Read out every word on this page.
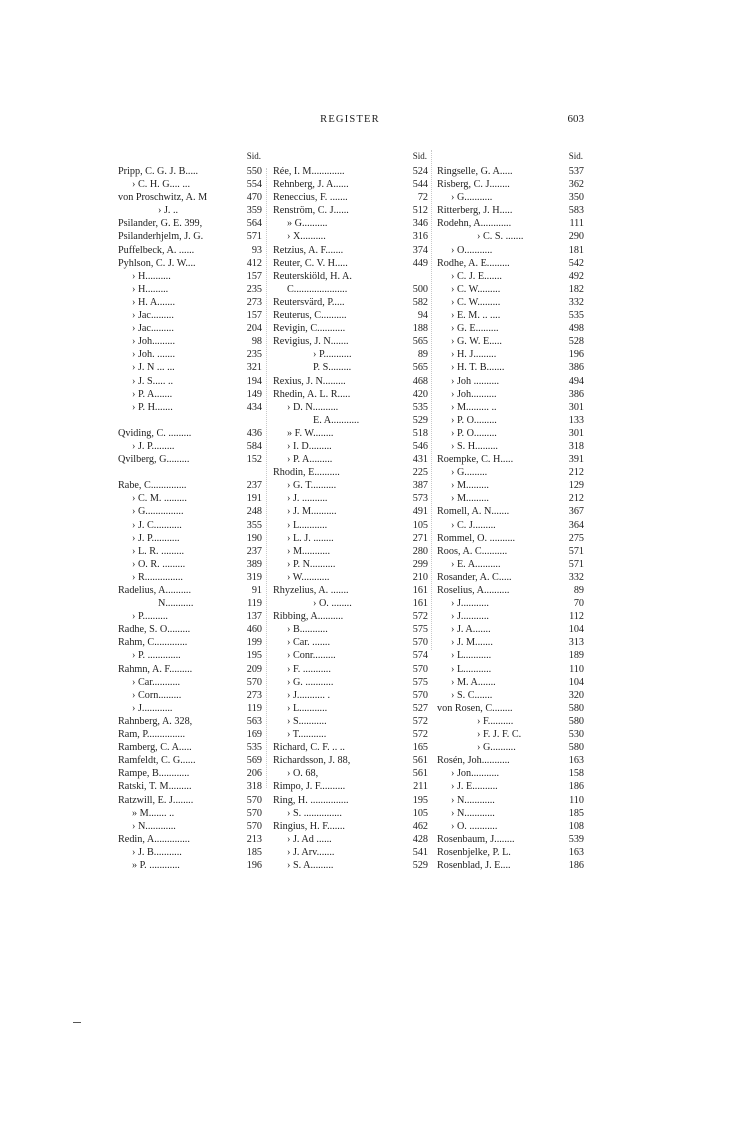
REGISTER	603
Sid.
Pripp, C. G. J. B.....	550
› C. H. G.... ...	554
von Proschwitz, A. M	470
› J. ..	359
Psilander, G. E. 399,	564
Psilanderhjelm, J. G.	571
Puffelbeck, A. ......	93
Pyhlson, C. J. W....	412
› H..........	157
› H.........	235
› H. A.......	273
› Jac.........	157
› Jac.........	204
› Joh.........	98
› Joh. .......	235
› J. N ... ...	321
› J. S..... ..	194
› P. A.......	149
› P. H.......	434
Qviding, C. .........	436
› J. P.........	584
Qvilberg, G.........	152
Rabe, C..............	237
› C. M. .........	191
› G...............	248
› J. C...........	355
› J. P...........	190
› L. R. .........	237
› O. R. .........	389
› R...............	319
Radelius, A..........	91
N...........	119
› P..........	137
Radhe, S. O.........	460
Rahm, C.............	199
› P. .............	195
Rahmn, A. F.........	209
› Car...........	570
› Corn.........	273
› J............	119
Rahnberg, A. 328,	563
Ram, P...............	169
Ramberg, C. A.....	535
Ramfeldt, C. G......	569
Rampe, B............	206
Ratski, T. M.........	318
Ratzwill, E. J........	570
» M....... ..	570
› N............	570
Redin, A..............	213
› J. B...........	185
» P. ............	196
Sid.
Rée, I. M.............	524
Rehnberg, J. A......	544
Reneccius, F. .......	72
Renström, C. J......	512
» G..........	346
› X..........	316
Retzius, A. F.......	374
Reuter, C. V. H.....	449
Reuterskiöld, H. A.
C.....................	500
Reutersvärd, P.....	582
Reuterus, C..........	94
Revigin, C...........	188
Revigius, J. N.......	565
› P...........	89
P. S.........	565
Rexius, J. N.........	468
Rhedin, A. L. R.....	420
› D. N..........	535
E. A...........	529
» F. W........	518
› I. D.........	546
› P. A.........	431
Rhodin, E..........	225
› G. T..........	387
› J. ..........	573
› J. M..........	491
› L...........	105
› L. J. ........	271
› M...........	280
› P. N..........	299
› W...........	210
Rhyzelius, A. .......	161
› O. ........	161
Ribbing, A..........	572
› B...........	575
› Car. .......	570
› Conr.........	574
› F. ...........	570
› G. ...........	575
› J........... .	570
› L...........	527
› S...........	572
› T...........	572
Richard, C. F. .. ..	165
Richardsson, J. 88,	561
› O. 68,	561
Rimpo, J. F..........	211
Ring, H. ...............	195
› S. ...............	105
Ringius, H. F.......	462
› J. Ad ......	428
› J. Arv.......	541
› S. A.........	529
Sid.
Ringselle, G. A.....	537
Risberg, C. J........	362
› G...........	350
Ritterberg, J. H.....	583
Rodehn, A............	111
› C. S. .......	290
› O...........	181
Rodhe, A. E.........	542
› C. J. E.......	492
› C. W.........	182
› C. W.........	332
› E. M. .. ....	535
› G. E.........	498
› G. W. E.....	528
› H. J.........	196
› H. T. B.......	386
› Joh ..........	494
› Joh..........	386
› M......... ..	301
› P. O.........	133
› P. O.........	301
› S. H.........	318
Roempke, C. H.....	391
› G.........	212
› M.........	129
› M.........	212
Romell, A. N.......	367
› C. J.........	364
Rommel, O. ..........	275
Roos, A. C..........	571
› E. A..........	571
Rosander, A. C.....	332
Roselius, A..........	89
› J...........	70
› J...........	112
› J. A.......	104
› J. M.......	313
› L...........	189
› L...........	110
› M. A.......	104
› S. C.......	320
von Rosen, C........	580
› F..........	580
› F. J. F. C.	530
› G..........	580
Rosén, Joh...........	163
› Jon...........	158
› J. E..........	186
› N............	110
› N............	185
› O. ...........	108
Rosenbaum, J........	539
Rosenbjelke, P. L.	163
Rosenblad, J. E....	186
